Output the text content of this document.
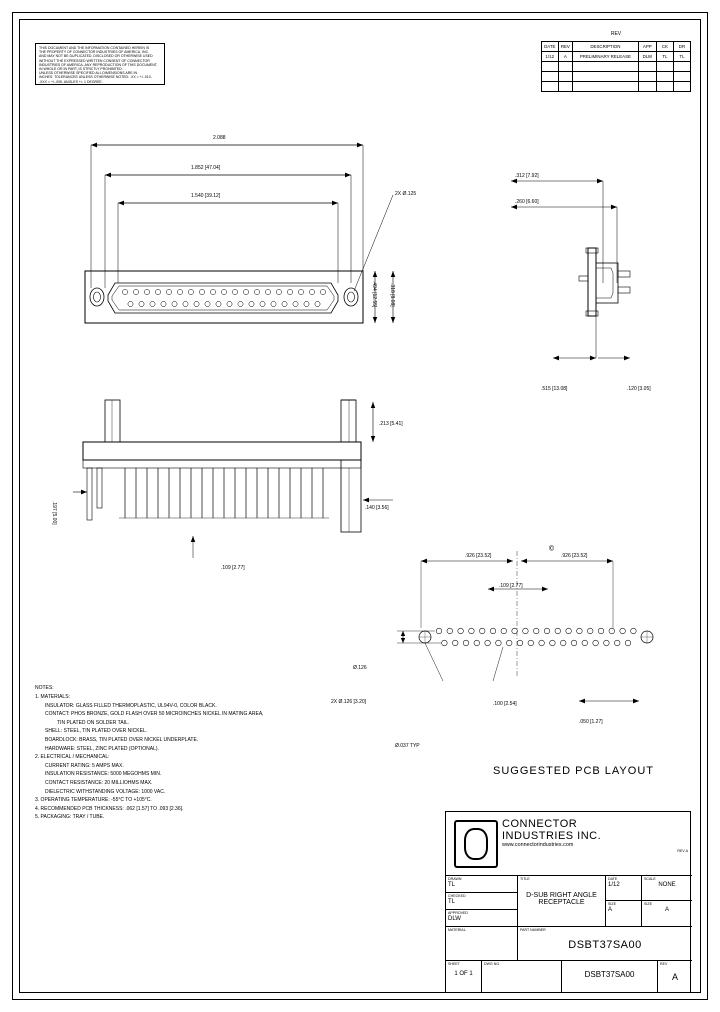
THIS DOCUMENT AND THE INFORMATION CONTAINED HEREIN IS
THE PROPERTY OF CONNECTOR INDUSTRIES OF AMERICA, INC.
AND MAY NOT BE DUPLICATED, DISCLOSED OR OTHERWISE USED
WITHOUT THE EXPRESSED WRITTEN CONSENT OF CONNECTOR
INDUSTRIES OF AMERICA. ANY REPRODUCTION OF THIS DOCUMENT,
IN WHOLE OR IN PART, IS STRICTLY PROHIBITED.
UNLESS OTHERWISE SPECIFIED ALL DIMENSIONS ARE IN
INCHES. TOLERANCES UNLESS OTHERWISE NOTED: .XX = +/-.010,
.XXX = +/-.005, ANGLES +/- 1 DEGREE.
REV
DATE	REV	DESCRIPTION	APP	CK	DR
1/12	A	PRELIMINARY RELEASE	DLW	TL	TL

2.088
1.852 [47.04]
1.540 [39.12]	2X Ø.125
.494 [12.55] .318 [8.08]
.312 [7.92]
.260 [6.60]
.515 [13.08]	.120 [3.05]
.213 [5.41]
.140 [3.56]
.109 [2.77]
.197 [5.00]
.926 [23.52]	.926 [23.52]
Ⓒ
.109 [2.77]
Ø.126
Ø.037 TYP
2X Ø.126 [3.20]	.100 [2.54]
.050 [1.27]
SUGGESTED PCB LAYOUT
NOTES:
1. MATERIALS:
INSULATOR: GLASS FILLED THERMOPLASTIC, UL94V-0, COLOR BLACK.
CONTACT: PHOS BRONZE, GOLD FLASH OVER 50 MICROINCHES NICKEL IN MATING AREA,
TIN PLATED ON SOLDER TAIL.
SHELL: STEEL, TIN PLATED OVER NICKEL.
BOARDLOCK: BRASS, TIN PLATED OVER NICKEL UNDERPLATE.
HARDWARE: STEEL, ZINC PLATED (OPTIONAL).
2. ELECTRICAL / MECHANICAL:
CURRENT RATING: 5 AMPS MAX.
INSULATION RESISTANCE: 5000 MEGOHMS MIN.
CONTACT RESISTANCE: 20 MILLIOHMS MAX.
DIELECTRIC WITHSTANDING VOLTAGE: 1000 VAC.
3. OPERATING TEMPERATURE: -55°C TO +105°C.
4. RECOMMENDED PCB THICKNESS: .062 [1.57] TO .093 [2.36].
5. PACKAGING: TRAY / TUBE.
CONNECTOR
INDUSTRIES INC.
www.connectorindustries.com
REV A
DRAWN
TL
CHECKED
TL
APPROVED
DLW
MATERIAL
TITLE
D-SUB RIGHT ANGLE RECEPTACLE
DATE
1/12
SCALE
NONE
SIZE
A
SIZE
A
PART NUMBER
DSBT37SA00
SHEET
1 OF 1
DWG NO.
DSBT37SA00
REV
A
